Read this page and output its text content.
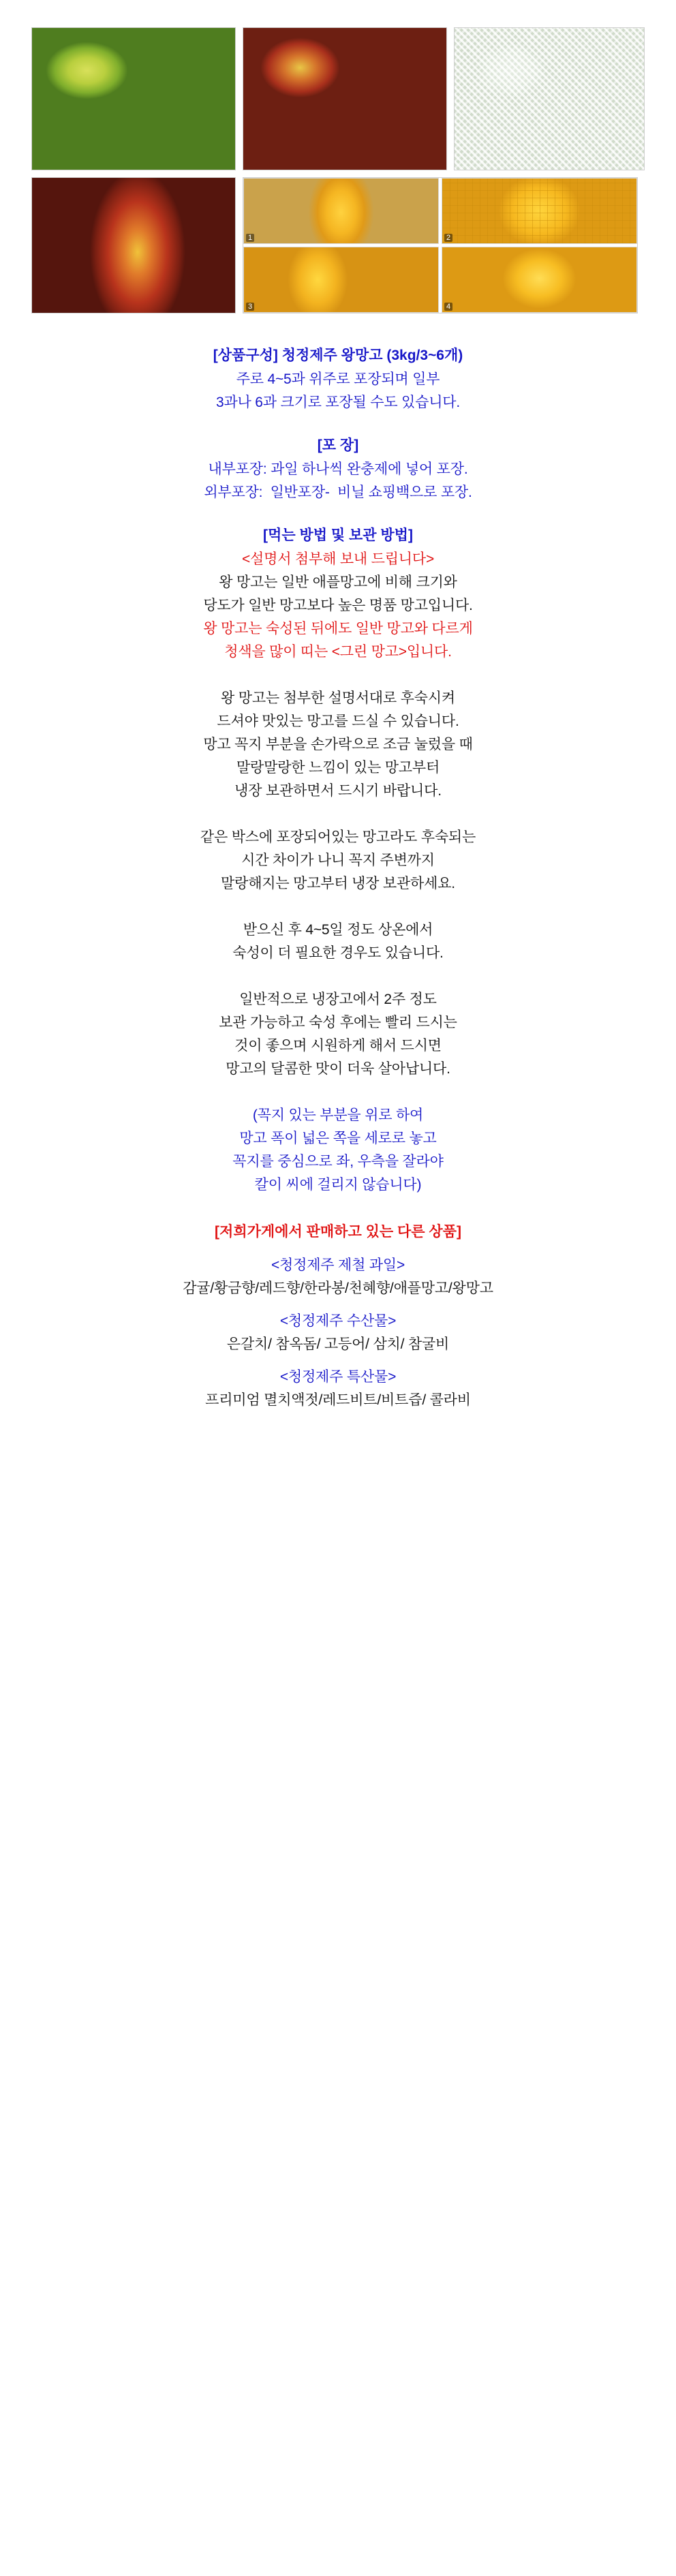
1	2
3	4
[상품구성] 청정제주 왕망고 (3kg/3~6개)
주로 4~5과 위주로 포장되며 일부
3과나 6과 크기로 포장될 수도 있습니다.
[포 장]
내부포장: 과일 하나씩 완충제에 넣어 포장.
외부포장:  일반포장-  비닐 쇼핑백으로 포장.
[먹는 방법 및 보관 방법]
<설명서 첨부해 보내 드립니다>
왕 망고는 일반 애플망고에 비해 크기와
당도가 일반 망고보다 높은 명품 망고입니다.
왕 망고는 숙성된 뒤에도 일반 망고와 다르게
청색을 많이 띠는 <그린 망고>입니다.
왕 망고는 첨부한 설명서대로 후숙시켜
드셔야 맛있는 망고를 드실 수 있습니다.
망고 꼭지 부분을 손가락으로 조금 눌렀을 때
말랑말랑한 느낌이 있는 망고부터
냉장 보관하면서 드시기 바랍니다.
같은 박스에 포장되어있는 망고라도 후숙되는
시간 차이가 나니 꼭지 주변까지
말랑해지는 망고부터 냉장 보관하세요.
받으신 후 4~5일 정도 상온에서
숙성이 더 필요한 경우도 있습니다.
일반적으로 냉장고에서 2주 정도
보관 가능하고 숙성 후에는 빨리 드시는
것이 좋으며 시원하게 해서 드시면
망고의 달콤한 맛이 더욱 살아납니다.
(꼭지 있는 부분을 위로 하여
망고 폭이 넓은 쪽을 세로로 놓고
꼭지를 중심으로 좌, 우측을 잘라야
칼이 씨에 걸리지 않습니다)
[저희가게에서 판매하고 있는 다른 상품]
<청정제주 제철 과일>
감귤/황금향/레드향/한라봉/천혜향/애플망고/왕망고
<청정제주 수산물>
은갈치/ 참옥돔/ 고등어/ 삼치/ 참굴비
<청정제주 특산물>
프리미엄 멸치액젓/레드비트/비트즙/ 콜라비
